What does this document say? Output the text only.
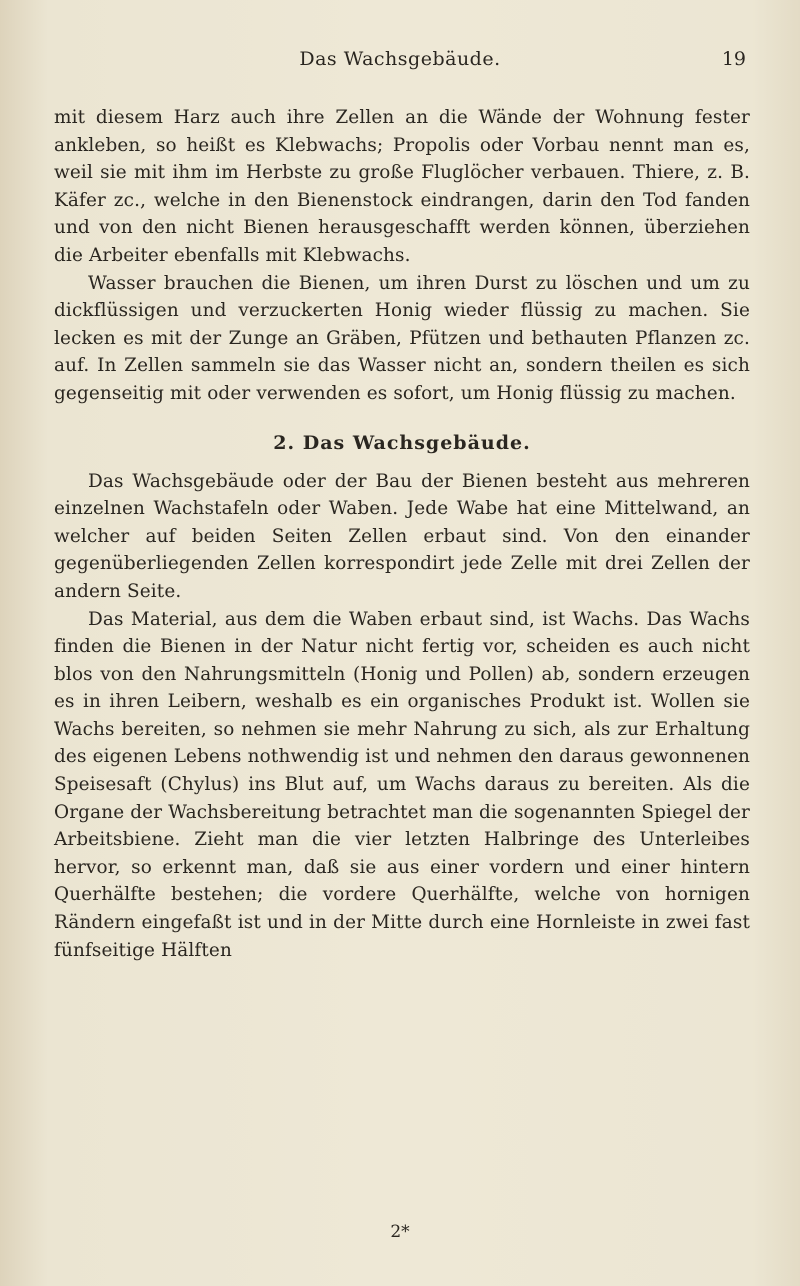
Das Wachsgebäude.	19

mit diesem Harz auch ihre Zellen an die Wände der Wohnung fester ankleben, so heißt es Klebwachs; Propolis oder Vorbau nennt man es, weil sie mit ihm im Herbste zu große Fluglöcher verbauen. Thiere, z. B. Käfer zc., welche in den Bienenstock eindrangen, darin den Tod fanden und von den nicht Bienen herausgeschafft werden können, überziehen die Arbeiter ebenfalls mit Klebwachs.

Wasser brauchen die Bienen, um ihren Durst zu löschen und um zu dickflüssigen und verzuckerten Honig wieder flüssig zu machen. Sie lecken es mit der Zunge an Gräben, Pfützen und bethauten Pflanzen zc. auf. In Zellen sammeln sie das Wasser nicht an, sondern theilen es sich gegenseitig mit oder verwenden es sofort, um Honig flüssig zu machen.

2. Das Wachsgebäude.

Das Wachsgebäude oder der Bau der Bienen besteht aus mehreren einzelnen Wachstafeln oder Waben. Jede Wabe hat eine Mittelwand, an welcher auf beiden Seiten Zellen erbaut sind. Von den einander gegenüberliegenden Zellen korrespondirt jede Zelle mit drei Zellen der andern Seite.

Das Material, aus dem die Waben erbaut sind, ist Wachs. Das Wachs finden die Bienen in der Natur nicht fertig vor, scheiden es auch nicht blos von den Nahrungsmitteln (Honig und Pollen) ab, sondern erzeugen es in ihren Leibern, weshalb es ein organisches Produkt ist. Wollen sie Wachs bereiten, so nehmen sie mehr Nahrung zu sich, als zur Erhaltung des eigenen Lebens nothwendig ist und nehmen den daraus gewonnenen Speisesaft (Chylus) ins Blut auf, um Wachs daraus zu bereiten. Als die Organe der Wachsbereitung betrachtet man die sogenannten Spiegel der Arbeitsbiene. Zieht man die vier letzten Halbringe des Unterleibes hervor, so erkennt man, daß sie aus einer vordern und einer hintern Querhälfte bestehen; die vordere Querhälfte, welche von hornigen Rändern eingefaßt ist und in der Mitte durch eine Hornleiste in zwei fast fünfseitige Hälften

2*
